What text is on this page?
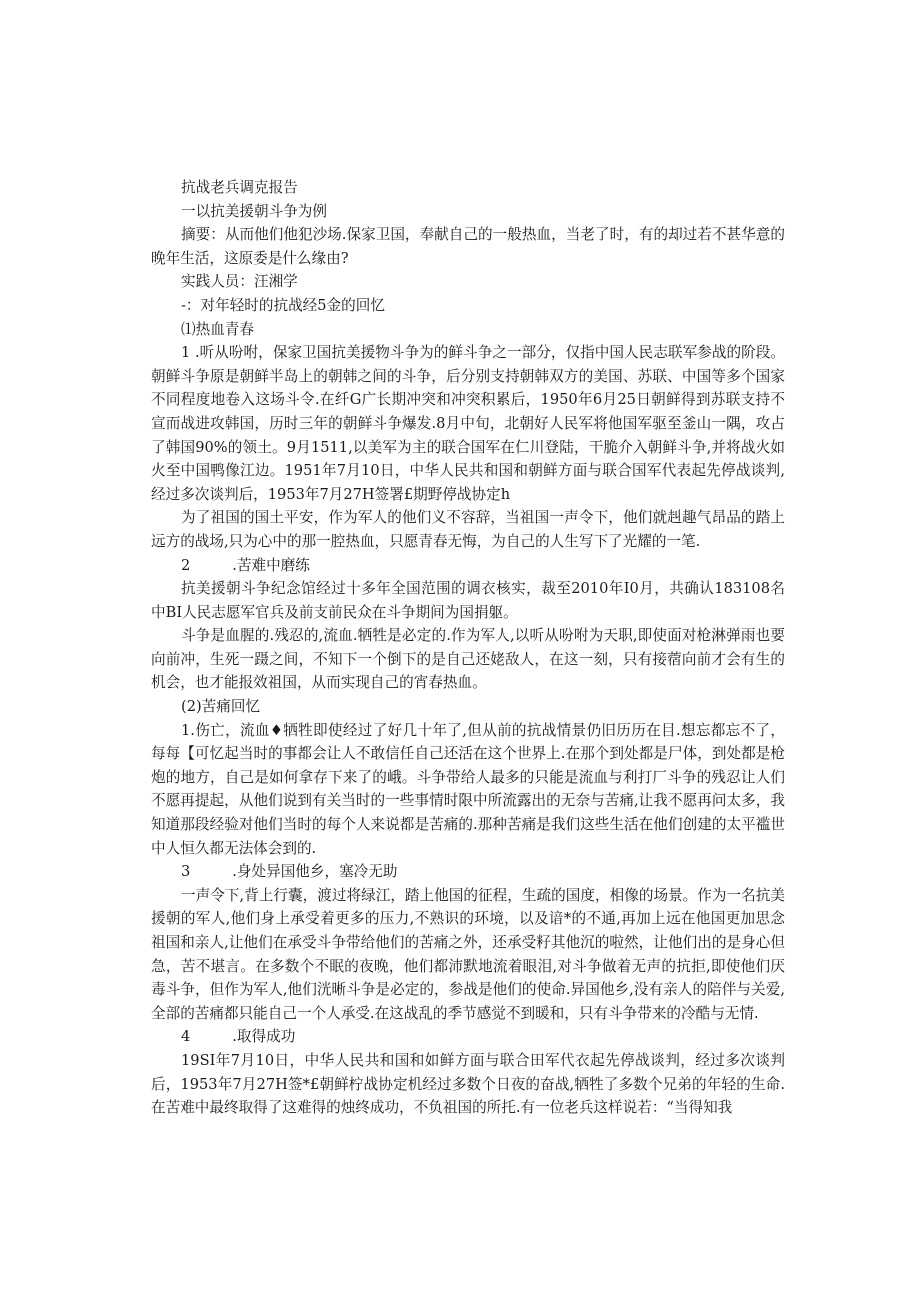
抗战老兵调克报告

一以抗美援朝斗争为例

摘要：从而他们他犯沙场.保家卫国，奉献自己的一般热血，当老了时，有的却过若不甚华意的晚年生活，这原委是什么缘由?

实践人员：汪湘学

-：对年轻时的抗战经5金的回忆

⑴热血青春

1 .听从吩咐，保家卫国抗美援物斗争为的鲜斗争之一部分，仅指中国人民志联军参战的阶段。朝鲜斗争原是朝鲜半岛上的朝韩之间的斗争，后分别支持朝韩双方的美国、苏联、中国等多个国家不同程度地卷入这场斗令.在纤G广长期冲突和冲突积累后，1950年6月25日朝鲜得到苏联支持不宣而战进攻韩国，历时三年的朝鲜斗争爆发.8月中旬，北朝好人民军将他国军驱至釜山一隅，攻占了韩国90%的领土。9月1511,以美军为主的联合国军在仁川登陆，干脆介入朝鲜斗争,并将战火如火至中国鸭像江边。1951年7月10日，中华人民共和国和朝鲜方面与联合国军代表起先停战谈判,经过多次谈判后，1953年7月27H签署£期野停战协定h

为了祖国的国土平安，作为军人的他们义不容辞，当祖国一声令下，他们就赳趣气昂品的踏上远方的战场,只为心中的那一腔热血，只愿青春无悔，为自己的人生写下了光耀的一笔.

2	.苦难中磨练

抗美援朝斗争纪念馆经过十多年全国范围的调衣核实，裁至2010年I0月，共确认183108名中BI人民志愿军官兵及前支前民众在斗争期间为国捐躯。

斗争是血腥的.残忍的,流血.牺牲是必定的.作为军人,以听从吩咐为天职,即使面对枪淋弹雨也要向前冲，生死一蹑之间，不知下一个倒下的是自己还姥敌人，在这一刻，只有接蓿向前才会有生的机会，也才能报效祖国，从而实现自己的宵春热血。

(2)苦痛回忆

1.伤亡，流血♦牺牲即使经过了好几十年了,但从前的抗战情景仍旧历历在目.想忘都忘不了，每每【可忆起当时的事都会让人不敢信任自己还活在这个世界上.在那个到处都是尸体，到处都是枪炮的地方，自己是如何拿存下来了的峨。斗争带给人最多的只能是流血与利打厂斗争的残忍让人们不愿再提起，从他们说到有关当时的一些事情时限中所流露出的无奈与苦痛,让我不愿再问太多，我知道那段经验对他们当时的每个人来说都是苦痛的.那种苦痛是我们这些生活在他们创建的太平褴世中人恒久都无法体会到的.

3	.身处异国他乡，塞冷无助

一声令下,背上行囊，渡过将绿江，踏上他国的征程，生疏的国度，相像的场景。作为一名抗美援朝的军人,他们身上承受着更多的压力,不熟识的环境，以及谙*的不通,再加上远在他国更加思念祖国和亲人,让他们在承受斗争带给他们的苦痛之外，还承受籽其他沉的啦然，让他们出的是身心但急，苦不堪言。在多数个不眠的夜晚，他们都沛默地流着眼泪,对斗争做着无声的抗拒,即使他们厌毒斗争，但作为军人,他们洸晰斗争是必定的，参战是他们的使命.异国他乡,没有亲人的陪伴与关爱,全部的苦痛都只能自己一个人承受.在这战乱的季节感觉不到暖和，只有斗争带来的冷酷与无情.

4	.取得成功

19SI年7月10日，中华人民共和国和如鲜方面与联合田军代衣起先停战谈判，经过多次谈判后，1953年7月27H签*£朝鲜柠战协定机经过多数个日夜的奋战,牺牲了多数个兄弟的年轻的生命.在苦难中最终取得了这难得的烛终成功，不负祖国的所托.有一位老兵这样说若：“当得知我
